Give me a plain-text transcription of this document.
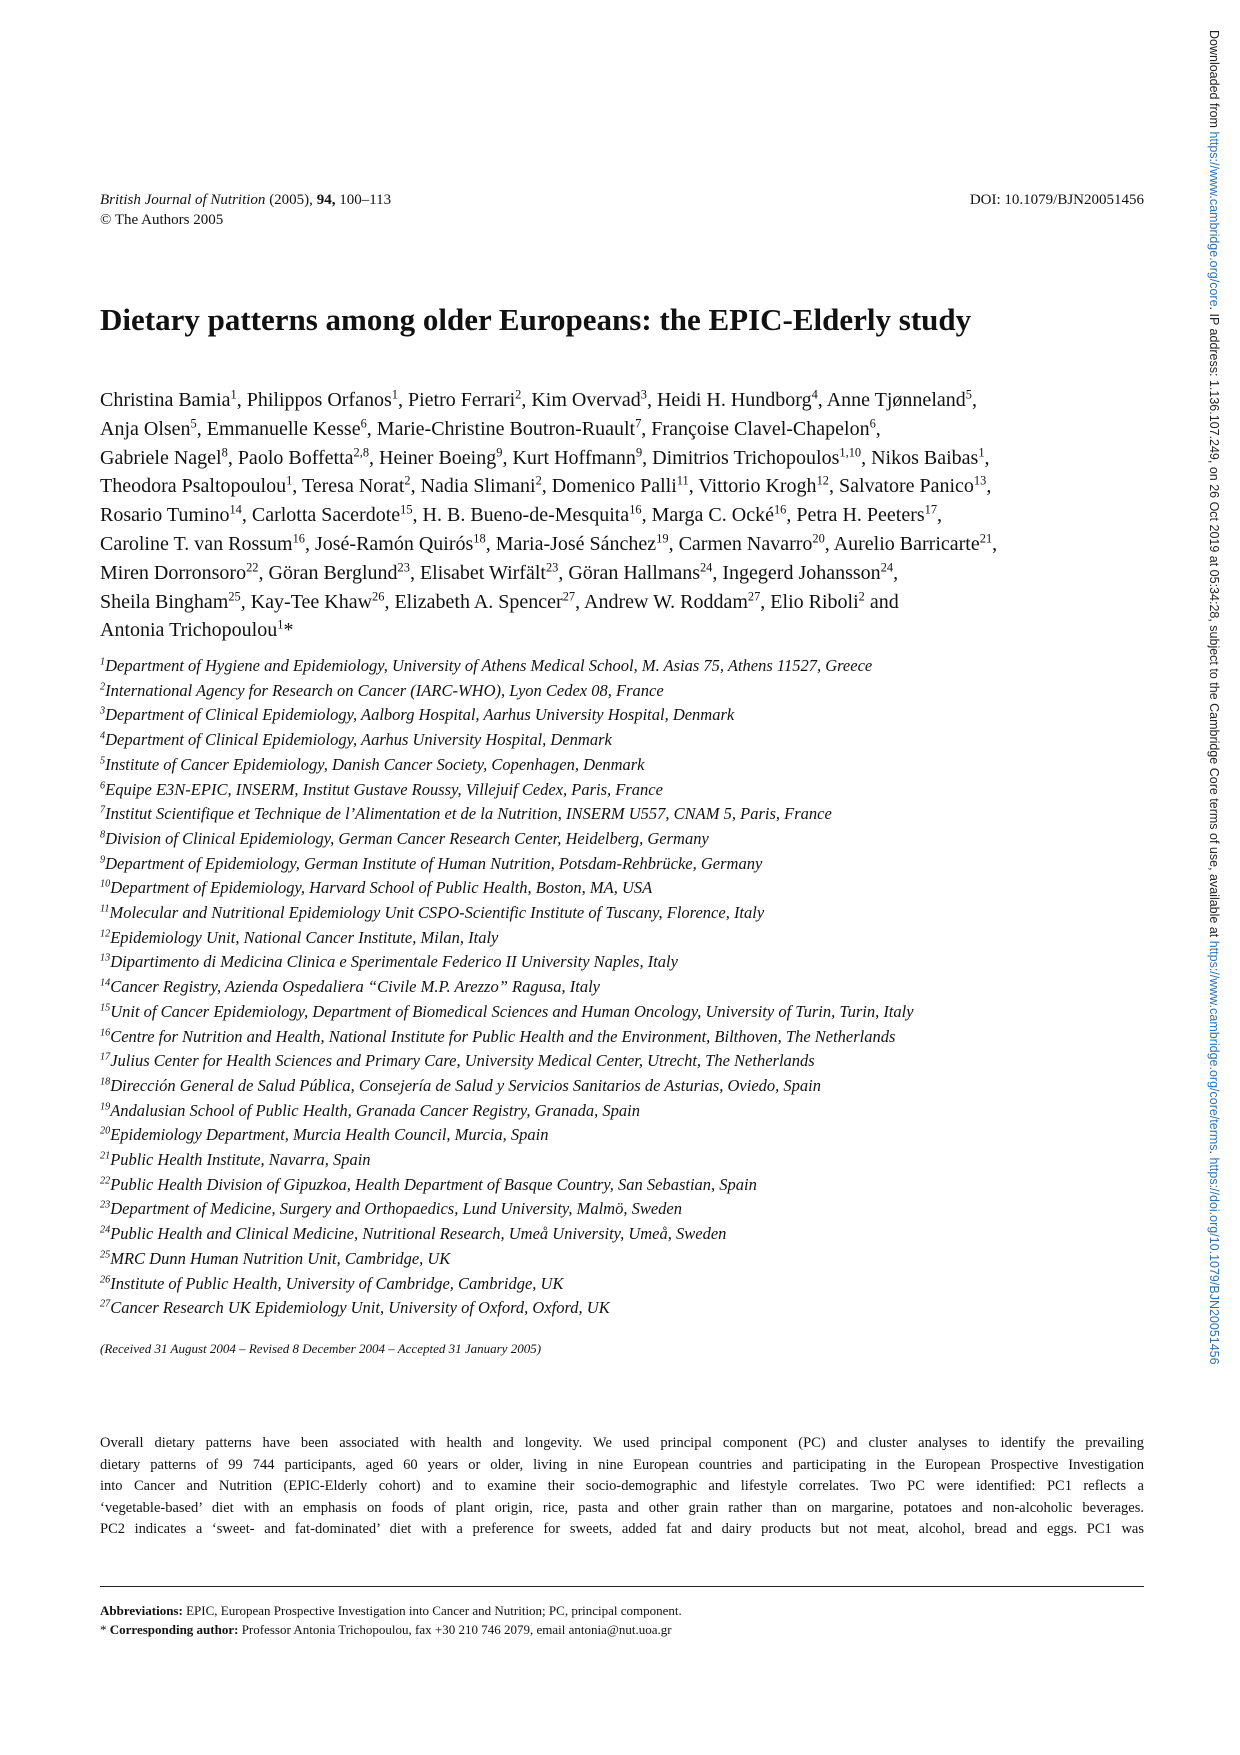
British Journal of Nutrition (2005), 94, 100–113
© The Authors 2005
DOI: 10.1079/BJN20051456
Dietary patterns among older Europeans: the EPIC-Elderly study

Christina Bamia$^1$, Philippos Orfanos$^1$, Pietro Ferrari$^2$, Kim Overvad$^3$, Heidi H. Hundborg$^4$, Anne Tjønneland$^5$,
Anja Olsen$^5$, Emmanuelle Kesse$^6$, Marie-Christine Boutron-Ruault$^7$, Françoise Clavel-Chapelon$^6$,
Gabriele Nagel$^8$, Paolo Boffetta$^{2,8}$, Heiner Boeing$^9$, Kurt Hoffmann$^9$, Dimitrios Trichopoulos$^{1,10}$, Nikos Baibas$^1$,
Theodora Psaltopoulou$^1$, Teresa Norat$^2$, Nadia Slimani$^2$, Domenico Palli$^{11}$, Vittorio Krogh$^{12}$, Salvatore Panico$^{13}$,
Rosario Tumino$^{14}$, Carlotta Sacerdote$^{15}$, H. B. Bueno-de-Mesquita$^{16}$, Marga C. Ocké$^{16}$, Petra H. Peeters$^{17}$,
Caroline T. van Rossum$^{16}$, José-Ramón Quirós$^{18}$, Maria-José Sánchez$^{19}$, Carmen Navarro$^{20}$, Aurelio Barricarte$^{21}$,
Miren Dorronsoro$^{22}$, Göran Berglund$^{23}$, Elisabet Wirfält$^{23}$, Göran Hallmans$^{24}$, Ingegerd Johansson$^{24}$,
Sheila Bingham$^{25}$, Kay-Tee Khaw$^{26}$, Elizabeth A. Spencer$^{27}$, Andrew W. Roddam$^{27}$, Elio Riboli$^2$ and
Antonia Trichopoulou$^1$*

$^1$Department of Hygiene and Epidemiology, University of Athens Medical School, M. Asias 75, Athens 11527, Greece
$^2$International Agency for Research on Cancer (IARC-WHO), Lyon Cedex 08, France
$^3$Department of Clinical Epidemiology, Aalborg Hospital, Aarhus University Hospital, Denmark
$^4$Department of Clinical Epidemiology, Aarhus University Hospital, Denmark
$^5$Institute of Cancer Epidemiology, Danish Cancer Society, Copenhagen, Denmark
$^6$Equipe E3N-EPIC, INSERM, Institut Gustave Roussy, Villejuif Cedex, Paris, France
$^7$Institut Scientifique et Technique de l’Alimentation et de la Nutrition, INSERM U557, CNAM 5, Paris, France
$^8$Division of Clinical Epidemiology, German Cancer Research Center, Heidelberg, Germany
$^9$Department of Epidemiology, German Institute of Human Nutrition, Potsdam-Rehbrücke, Germany
$^{10}$Department of Epidemiology, Harvard School of Public Health, Boston, MA, USA
$^{11}$Molecular and Nutritional Epidemiology Unit CSPO-Scientific Institute of Tuscany, Florence, Italy
$^{12}$Epidemiology Unit, National Cancer Institute, Milan, Italy
$^{13}$Dipartimento di Medicina Clinica e Sperimentale Federico II University Naples, Italy
$^{14}$Cancer Registry, Azienda Ospedaliera “Civile M.P. Arezzo” Ragusa, Italy
$^{15}$Unit of Cancer Epidemiology, Department of Biomedical Sciences and Human Oncology, University of Turin, Turin, Italy
$^{16}$Centre for Nutrition and Health, National Institute for Public Health and the Environment, Bilthoven, The Netherlands
$^{17}$Julius Center for Health Sciences and Primary Care, University Medical Center, Utrecht, The Netherlands
$^{18}$Dirección General de Salud Pública, Consejería de Salud y Servicios Sanitarios de Asturias, Oviedo, Spain
$^{19}$Andalusian School of Public Health, Granada Cancer Registry, Granada, Spain
$^{20}$Epidemiology Department, Murcia Health Council, Murcia, Spain
$^{21}$Public Health Institute, Navarra, Spain
$^{22}$Public Health Division of Gipuzkoa, Health Department of Basque Country, San Sebastian, Spain
$^{23}$Department of Medicine, Surgery and Orthopaedics, Lund University, Malmö, Sweden
$^{24}$Public Health and Clinical Medicine, Nutritional Research, Umeå University, Umeå, Sweden
$^{25}$MRC Dunn Human Nutrition Unit, Cambridge, UK
$^{26}$Institute of Public Health, University of Cambridge, Cambridge, UK
$^{27}$Cancer Research UK Epidemiology Unit, University of Oxford, Oxford, UK
(Received 31 August 2004 – Revised 8 December 2004 – Accepted 31 January 2005)

Overall dietary patterns have been associated with health and longevity. We used principal component (PC) and cluster analyses to identify the prevailing
dietary patterns of 99 744 participants, aged 60 years or older, living in nine European countries and participating in the European Prospective Investigation
into Cancer and Nutrition (EPIC-Elderly cohort) and to examine their socio-demographic and lifestyle correlates. Two PC were identified: PC1 reflects a
‘vegetable-based’ diet with an emphasis on foods of plant origin, rice, pasta and other grain rather than on margarine, potatoes and non-alcoholic beverages.
PC2 indicates a ‘sweet- and fat-dominated’ diet with a preference for sweets, added fat and dairy products but not meat, alcohol, bread and eggs. PC1 was

Abbreviations: EPIC, European Prospective Investigation into Cancer and Nutrition; PC, principal component.
* Corresponding author: Professor Antonia Trichopoulou, fax +30 210 746 2079, email antonia@nut.uoa.gr
Downloaded from https://www.cambridge.org/core. IP address: 1.136.107.249, on 26 Oct 2019 at 05:34:28, subject to the Cambridge Core terms of use, available at https://www.cambridge.org/core/terms. https://doi.org/10.1079/BJN20051456
